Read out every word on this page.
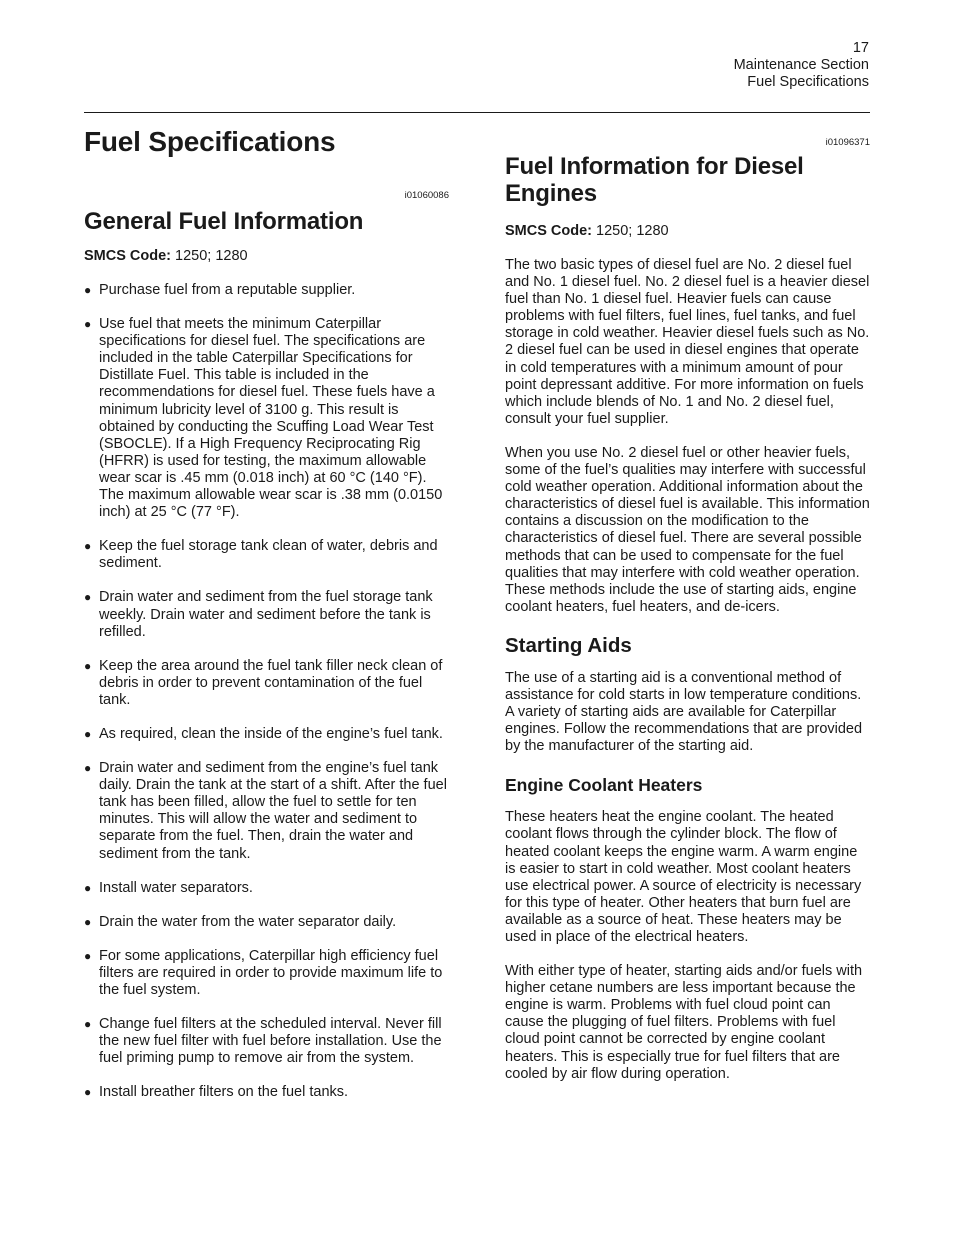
17
Maintenance Section
Fuel Specifications
Fuel Specifications
i01060086
General Fuel Information
SMCS Code: 1250; 1280
● Purchase fuel from a reputable supplier.
● Use fuel that meets the minimum Caterpillar specifications for diesel fuel. The specifications are included in the table Caterpillar Specifications for Distillate Fuel. This table is included in the recommendations for diesel fuel. These fuels have a minimum lubricity level of 3100 g. This result is obtained by conducting the Scuffing Load Wear Test (SBOCLE). If a High Frequency Reciprocating Rig (HFRR) is used for testing, the maximum allowable wear scar is .45 mm (0.018 inch) at 60 °C (140 °F). The maximum allowable wear scar is .38 mm (0.0150 inch) at 25 °C (77 °F).
● Keep the fuel storage tank clean of water, debris and sediment.
● Drain water and sediment from the fuel storage tank weekly. Drain water and sediment before the tank is refilled.
● Keep the area around the fuel tank filler neck clean of debris in order to prevent contamination of the fuel tank.
● As required, clean the inside of the engine’s fuel tank.
● Drain water and sediment from the engine’s fuel tank daily. Drain the tank at the start of a shift. After the fuel tank has been filled, allow the fuel to settle for ten minutes. This will allow the water and sediment to separate from the fuel. Then, drain the water and sediment from the tank.
● Install water separators.
● Drain the water from the water separator daily.
● For some applications, Caterpillar high efficiency fuel filters are required in order to provide maximum life to the fuel system.
● Change fuel filters at the scheduled interval. Never fill the new fuel filter with fuel before installation. Use the fuel priming pump to remove air from the system.
● Install breather filters on the fuel tanks.
i01096371
Fuel Information for Diesel Engines
SMCS Code: 1250; 1280

The two basic types of diesel fuel are No. 2 diesel fuel and No. 1 diesel fuel. No. 2 diesel fuel is a heavier diesel fuel than No. 1 diesel fuel. Heavier fuels can cause problems with fuel filters, fuel lines, fuel tanks, and fuel storage in cold weather. Heavier diesel fuels such as No. 2 diesel fuel can be used in diesel engines that operate in cold temperatures with a minimum amount of pour point depressant additive. For more information on fuels which include blends of No. 1 and No. 2 diesel fuel, consult your fuel supplier.

When you use No. 2 diesel fuel or other heavier fuels, some of the fuel’s qualities may interfere with successful cold weather operation. Additional information about the characteristics of diesel fuel is available. This information contains a discussion on the modification to the characteristics of diesel fuel. There are several possible methods that can be used to compensate for the fuel qualities that may interfere with cold weather operation. These methods include the use of starting aids, engine coolant heaters, fuel heaters, and de-icers.

Starting Aids

The use of a starting aid is a conventional method of assistance for cold starts in low temperature conditions. A variety of starting aids are available for Caterpillar engines. Follow the recommendations that are provided by the manufacturer of the starting aid.

Engine Coolant Heaters

These heaters heat the engine coolant. The heated coolant flows through the cylinder block. The flow of heated coolant keeps the engine warm. A warm engine is easier to start in cold weather. Most coolant heaters use electrical power. A source of electricity is necessary for this type of heater. Other heaters that burn fuel are available as a source of heat. These heaters may be used in place of the electrical heaters.

With either type of heater, starting aids and/or fuels with higher cetane numbers are less important because the engine is warm. Problems with fuel cloud point can cause the plugging of fuel filters. Problems with fuel cloud point cannot be corrected by engine coolant heaters. This is especially true for fuel filters that are cooled by air flow during operation.
